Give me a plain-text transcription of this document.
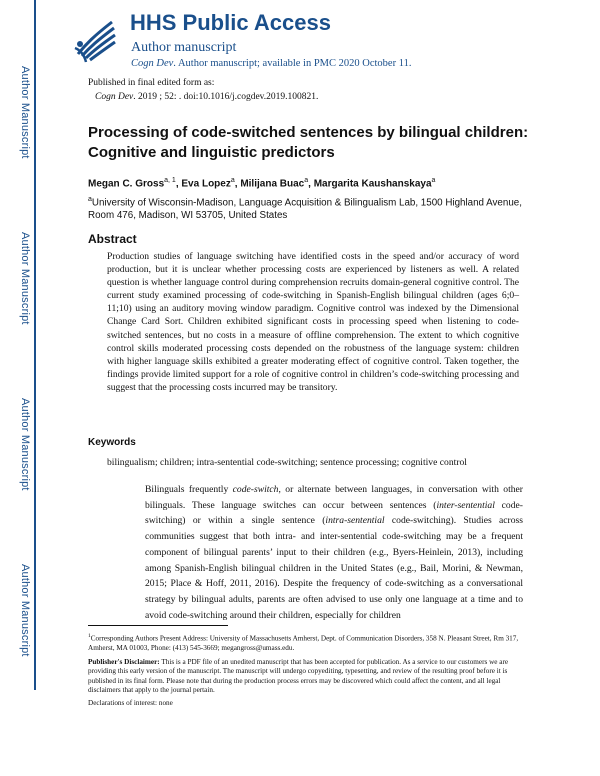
Author Manuscript
Author Manuscript
Author Manuscript
Author Manuscript
HHS Public Access
Author manuscript
Cogn Dev. Author manuscript; available in PMC 2020 October 11.
Published in final edited form as:
Cogn Dev. 2019 ; 52: . doi:10.1016/j.cogdev.2019.100821.
Processing of code-switched sentences by bilingual children: Cognitive and linguistic predictors
Megan C. Gross$^{a, 1}$, Eva Lopez$^a$, Milijana Buac$^a$, Margarita Kaushanskaya$^a$
$^a$University of Wisconsin-Madison, Language Acquisition & Bilingualism Lab, 1500 Highland Avenue, Room 476, Madison, WI 53705, United States
Abstract
Production studies of language switching have identified costs in the speed and/or accuracy of word production, but it is unclear whether processing costs are experienced by listeners as well. A related question is whether language control during comprehension recruits domain-general cognitive control. The current study examined processing of code-switching in Spanish-English bilingual children (ages 6;0–11;10) using an auditory moving window paradigm. Cognitive control was indexed by the Dimensional Change Card Sort. Children exhibited significant costs in processing speed when listening to code-switched sentences, but no costs in a measure of offline comprehension. The extent to which cognitive control skills moderated processing costs depended on the robustness of the language system: children with higher language skills exhibited a greater moderating effect of cognitive control. Taken together, the findings provide limited support for a role of cognitive control in children’s code-switching processing and suggest that the processing costs incurred may be transitory.
Keywords
bilingualism; children; intra-sentential code-switching; sentence processing; cognitive control
Bilinguals frequently code-switch, or alternate between languages, in conversation with other bilinguals. These language switches can occur between sentences (inter-sentential code-switching) or within a single sentence (intra-sentential code-switching). Studies across communities suggest that both intra- and inter-sentential code-switching may be a frequent component of bilingual parents’ input to their children (e.g., Byers-Heinlein, 2013), including among Spanish-English bilingual children in the United States (e.g., Bail, Morini, & Newman, 2015; Place & Hoff, 2011, 2016). Despite the frequency of code-switching as a conversational strategy by bilingual adults, parents are often advised to use only one language at a time and to avoid code-switching around their children, especially for children
$^1$Corresponding Authors Present Address: University of Massachusetts Amherst, Dept. of Communication Disorders, 358 N. Pleasant Street, Rm 317, Amherst, MA 01003, Phone: (413) 545-3669; megangross@umass.edu.
Publisher's Disclaimer: This is a PDF file of an unedited manuscript that has been accepted for publication. As a service to our customers we are providing this early version of the manuscript. The manuscript will undergo copyediting, typesetting, and review of the resulting proof before it is published in its final form. Please note that during the production process errors may be discovered which could affect the content, and all legal disclaimers that apply to the journal pertain.
Declarations of interest: none
